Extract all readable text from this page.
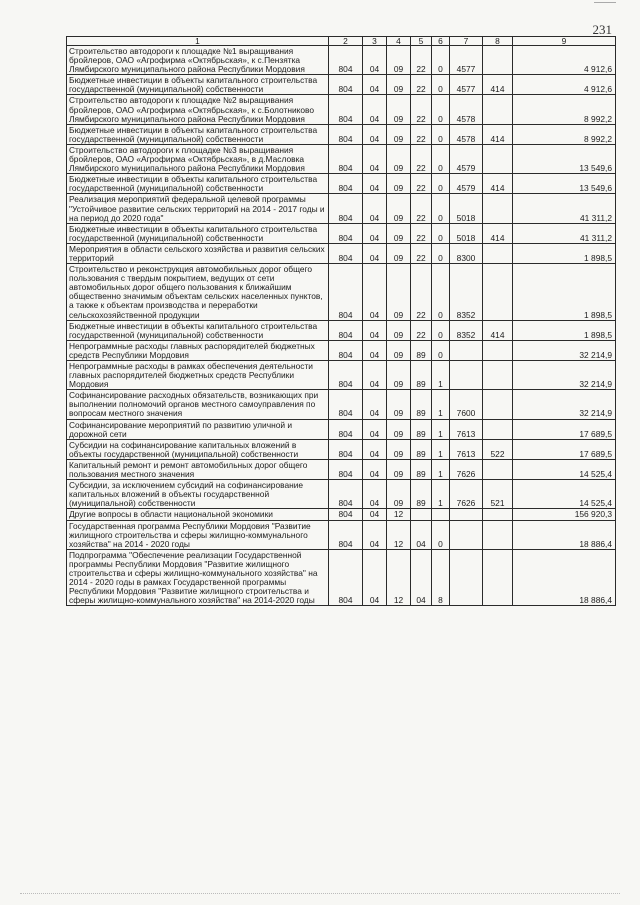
231
1	2	3	4	5	6	7	8	9
Строительство автодороги к площадке №1 выращивания бройлеров, ОАО «Агрофирма «Октябрьская», к с.Пензятка Лямбирского муниципального района Республики Мордовия	804	04	09	22	0	4577		4 912,6
Бюджетные инвестиции в объекты капитального строительства государственной (муниципальной) собственности	804	04	09	22	0	4577	414	4 912,6
Строительство автодороги к площадке №2 выращивания бройлеров, ОАО «Агрофирма «Октябрьская», к с.Болотниково Лямбирского муниципального района Республики Мордовия	804	04	09	22	0	4578		8 992,2
Бюджетные инвестиции в объекты капитального строительства государственной (муниципальной) собственности	804	04	09	22	0	4578	414	8 992,2
Строительство автодороги к площадке №3 выращивания бройлеров, ОАО «Агрофирма «Октябрьская», в д.Масловка Лямбирского муниципального района Республики Мордовия	804	04	09	22	0	4579		13 549,6
Бюджетные инвестиции в объекты капитального строительства государственной (муниципальной) собственности	804	04	09	22	0	4579	414	13 549,6
Реализация мероприятий федеральной целевой программы "Устойчивое развитие сельских территорий на 2014 - 2017 годы и на период до 2020 года"	804	04	09	22	0	5018		41 311,2
Бюджетные инвестиции в объекты капитального строительства государственной (муниципальной) собственности	804	04	09	22	0	5018	414	41 311,2
Мероприятия в области сельского хозяйства и развития сельских территорий	804	04	09	22	0	8300		1 898,5
Строительство и реконструкция автомобильных дорог общего пользования с твердым покрытием, ведущих от сети автомобильных дорог общего пользования к ближайшим общественно значимым объектам сельских населенных пунктов, а также к объектам производства и переработки сельскохозяйственной продукции	804	04	09	22	0	8352		1 898,5
Бюджетные инвестиции в объекты капитального строительства государственной (муниципальной) собственности	804	04	09	22	0	8352	414	1 898,5
Непрограммные расходы главных распорядителей бюджетных средств Республики Мордовия	804	04	09	89	0			32 214,9
Непрограммные расходы в рамках обеспечения деятельности главных распорядителей бюджетных средств Республики Мордовия	804	04	09	89	1			32 214,9
Софинансирование расходных обязательств, возникающих при выполнении полномочий органов местного самоуправления по вопросам местного значения	804	04	09	89	1	7600		32 214,9
Софинансирование мероприятий по развитию уличной и дорожной сети	804	04	09	89	1	7613		17 689,5
Субсидии на софинансирование капитальных вложений в объекты государственной (муниципальной) собственности	804	04	09	89	1	7613	522	17 689,5
Капитальный ремонт и ремонт автомобильных дорог общего пользования местного значения	804	04	09	89	1	7626		14 525,4
Субсидии, за исключением субсидий на софинансирование капитальных вложений в объекты государственной (муниципальной) собственности	804	04	09	89	1	7626	521	14 525,4
Другие вопросы в области национальной экономики	804	04	12					156 920,3
Государственная программа Республики Мордовия "Развитие жилищного строительства и сферы жилищно-коммунального хозяйства" на 2014 - 2020 годы	804	04	12	04	0			18 886,4
Подпрограмма "Обеспечение реализации Государственной программы Республики Мордовия "Развитие жилищного строительства и сферы жилищно-коммунального хозяйства" на 2014 - 2020 годы в рамках Государственной программы Республики Мордовия "Развитие жилищного строительства и сферы жилищно-коммунального хозяйства" на 2014-2020 годы	804	04	12	04	8			18 886,4
